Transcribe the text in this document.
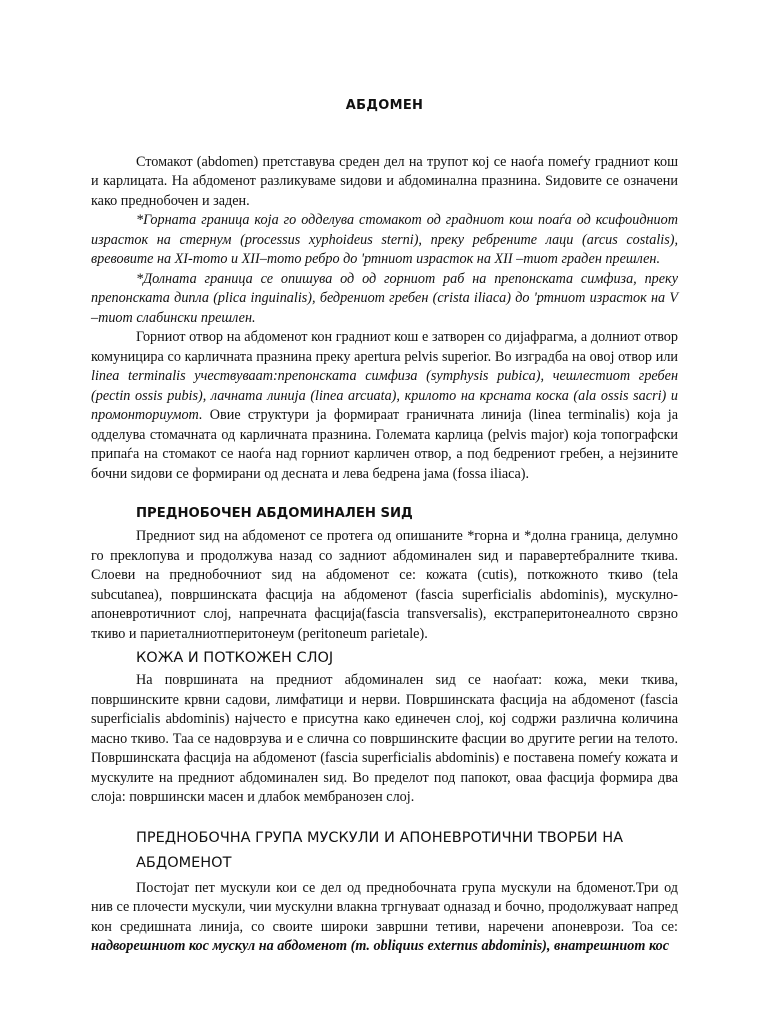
АБДОМЕН

Стомакот (abdomen) претставува среден дел на трупот кој се наоѓа помеѓу градниот кош и карлицата. На абдоменот разликуваме ѕидови и абдоминална празнина. Ѕидовите се означени како преднобочен и заден.

*Горната граница која го одделува стомакот од градниот кош поаѓа од ксифоидниот израсток на стернум (processus xyphoideus sterni), преку ребрените лаци (arcus costalis), вревовите на XI-тото и XII–тото ребро до 'ртниот израсток на XII –тиот граден прешлен.

*Долната граница се опишува од од горниот раб на препонската симфиза, преку препонската дипла (plica inguinalis), бедрениот гребен (crista iliaca) до 'ртниот израсток на V –тиот слабински прешлен.

Горниот отвор на абдоменот кон градниот кош е затворен со дијафрагма, а долниот отвор комуницира со карличната празнина преку apertura pelvis superior. Во изградба на овој отвор или linea terminalis учествуваат:препонската симфиза (symphysis pubica), чешлестиот гребен (pectin ossis pubis), лачната линија (linea arcuata), крилото на крсната коска (ala ossis sacri) и промонториумот. Овие структури ја формираат граничната линија (linea terminalis) која ја одделува стомачната од карличната празнина. Големата карлица (pelvis major) која топографски припаѓа на стомакот се наоѓа над горниот карличен отвор, а под бедрениот гребен, а нејзините бочни ѕидови се формирани од десната и лева бедрена јама (fossa iliaca).

ПРЕДНОБОЧЕН АБДОМИНАЛЕН ЅИД

Предниот ѕид на абдоменот се протега од опишаните *горна и *долна граница, делумно го преклопува и продолжува назад со задниот абдоминален ѕид и паравертебралните ткива. Слоеви на преднобочниот ѕид на абдоменот се: кожата (cutis), поткожното ткиво (tela subcutanea), површинската фасција на абдоменот (fascia superficialis abdominis), мускулно-апоневротичниот слој, напречната фасција(fascia transversalis), екстраперитонеалното сврзно ткиво и париеталниотперитонеум (peritoneum parietale).

КОЖА И ПОТКОЖЕН СЛОЈ

На површината на предниот абдоминален ѕид се наоѓаат: кожа, меки ткива, површинските крвни садови, лимфатици и нерви. Површинската фасција на абдоменот (fascia superficialis abdominis) најчесто е присутна како единечен слој, кој содржи различна количина масно ткиво. Таа се надоврзува и е слична со површинските фасции во другите регии на телото. Површинската фасција на абдоменот (fascia superficialis abdominis) е поставена помеѓу кожата и мускулите на предниот абдоминален ѕид. Во пределот под папокот, оваа фасција формира два слоја: површински масен и длабок мембранозен слој.

ПРЕДНОБОЧНА ГРУПА МУСКУЛИ И АПОНЕВРОТИЧНИ ТВОРБИ НА АБДОМЕНОТ

Постојат пет мускули кои се дел од преднобочната група мускули на бдоменот.Три од нив се плочести мускули, чии мускулни влакна тргнуваат одназад и бочно, продолжуваат напред кон средишната линија, со своите широки завршни тетиви, наречени апоневрози. Тоа се: надворешниот кос мускул на абдоменот (m. obliquus externus abdominis), внатрешниот кос
